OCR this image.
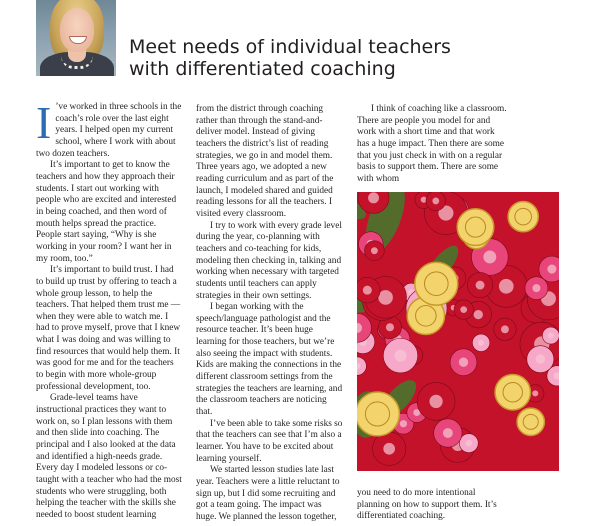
Meet needs of individual teachers
with differentiated coaching

I ’ve worked in three schools in the coach’s role over the last eight years. I helped open my current school, where I work with about two dozen teachers.

It’s important to get to know the teachers and how they approach their students. I start out working with people who are excited and interested in being coached, and then word of mouth helps spread the practice. People start saying, “Why is she working in your room? I want her in my room, too.”

It’s important to build trust. I had to build up trust by offering to teach a whole group lesson, to help the teachers. That helped them trust me — when they were able to watch me. I had to prove myself, prove that I knew what I was doing and was willing to find resources that would help them. It was good for me and for the teachers to begin with more whole-group professional development, too.

Grade-level teams have instructional practices they want to work on, so I plan lessons with them and then slide into coaching. The principal and I also looked at the data and identified a high-needs grade. Every day I modeled lessons or co-taught with a teacher who had the most students who were struggling, both helping the teacher with the skills she needed to boost student learning

from the district through coaching rather than through the stand-and-deliver model. Instead of giving teachers the district’s list of reading strategies, we go in and model them. Three years ago, we adopted a new reading curriculum and as part of the launch, I modeled shared and guided reading lessons for all the teachers. I visited every classroom.

I try to work with every grade level during the year, co-planning with teachers and co-teaching for kids, modeling then checking in, talking and working when necessary with targeted students until teachers can apply strategies in their own settings.

I began working with the speech/language pathologist and the resource teacher. It’s been huge learning for those teachers, but we’re also seeing the impact with students. Kids are making the connections in the different classroom settings from the strategies the teachers are learning, and the classroom teachers are noticing that.

I’ve been able to take some risks so that the teachers can see that I’m also a learner. You have to be excited about learning yourself.

We started lesson studies late last year. Teachers were a little reluctant to sign up, but I did some recruiting and got a team going. The impact was huge. We planned the lesson together,

I think of coaching like a classroom. There are people you model for and work with a short time and that work has a huge impact. Then there are some that you just check in with on a regular basis to support them. There are some with whom

you need to do more intentional planning on how to support them. It’s differentiated coaching.
